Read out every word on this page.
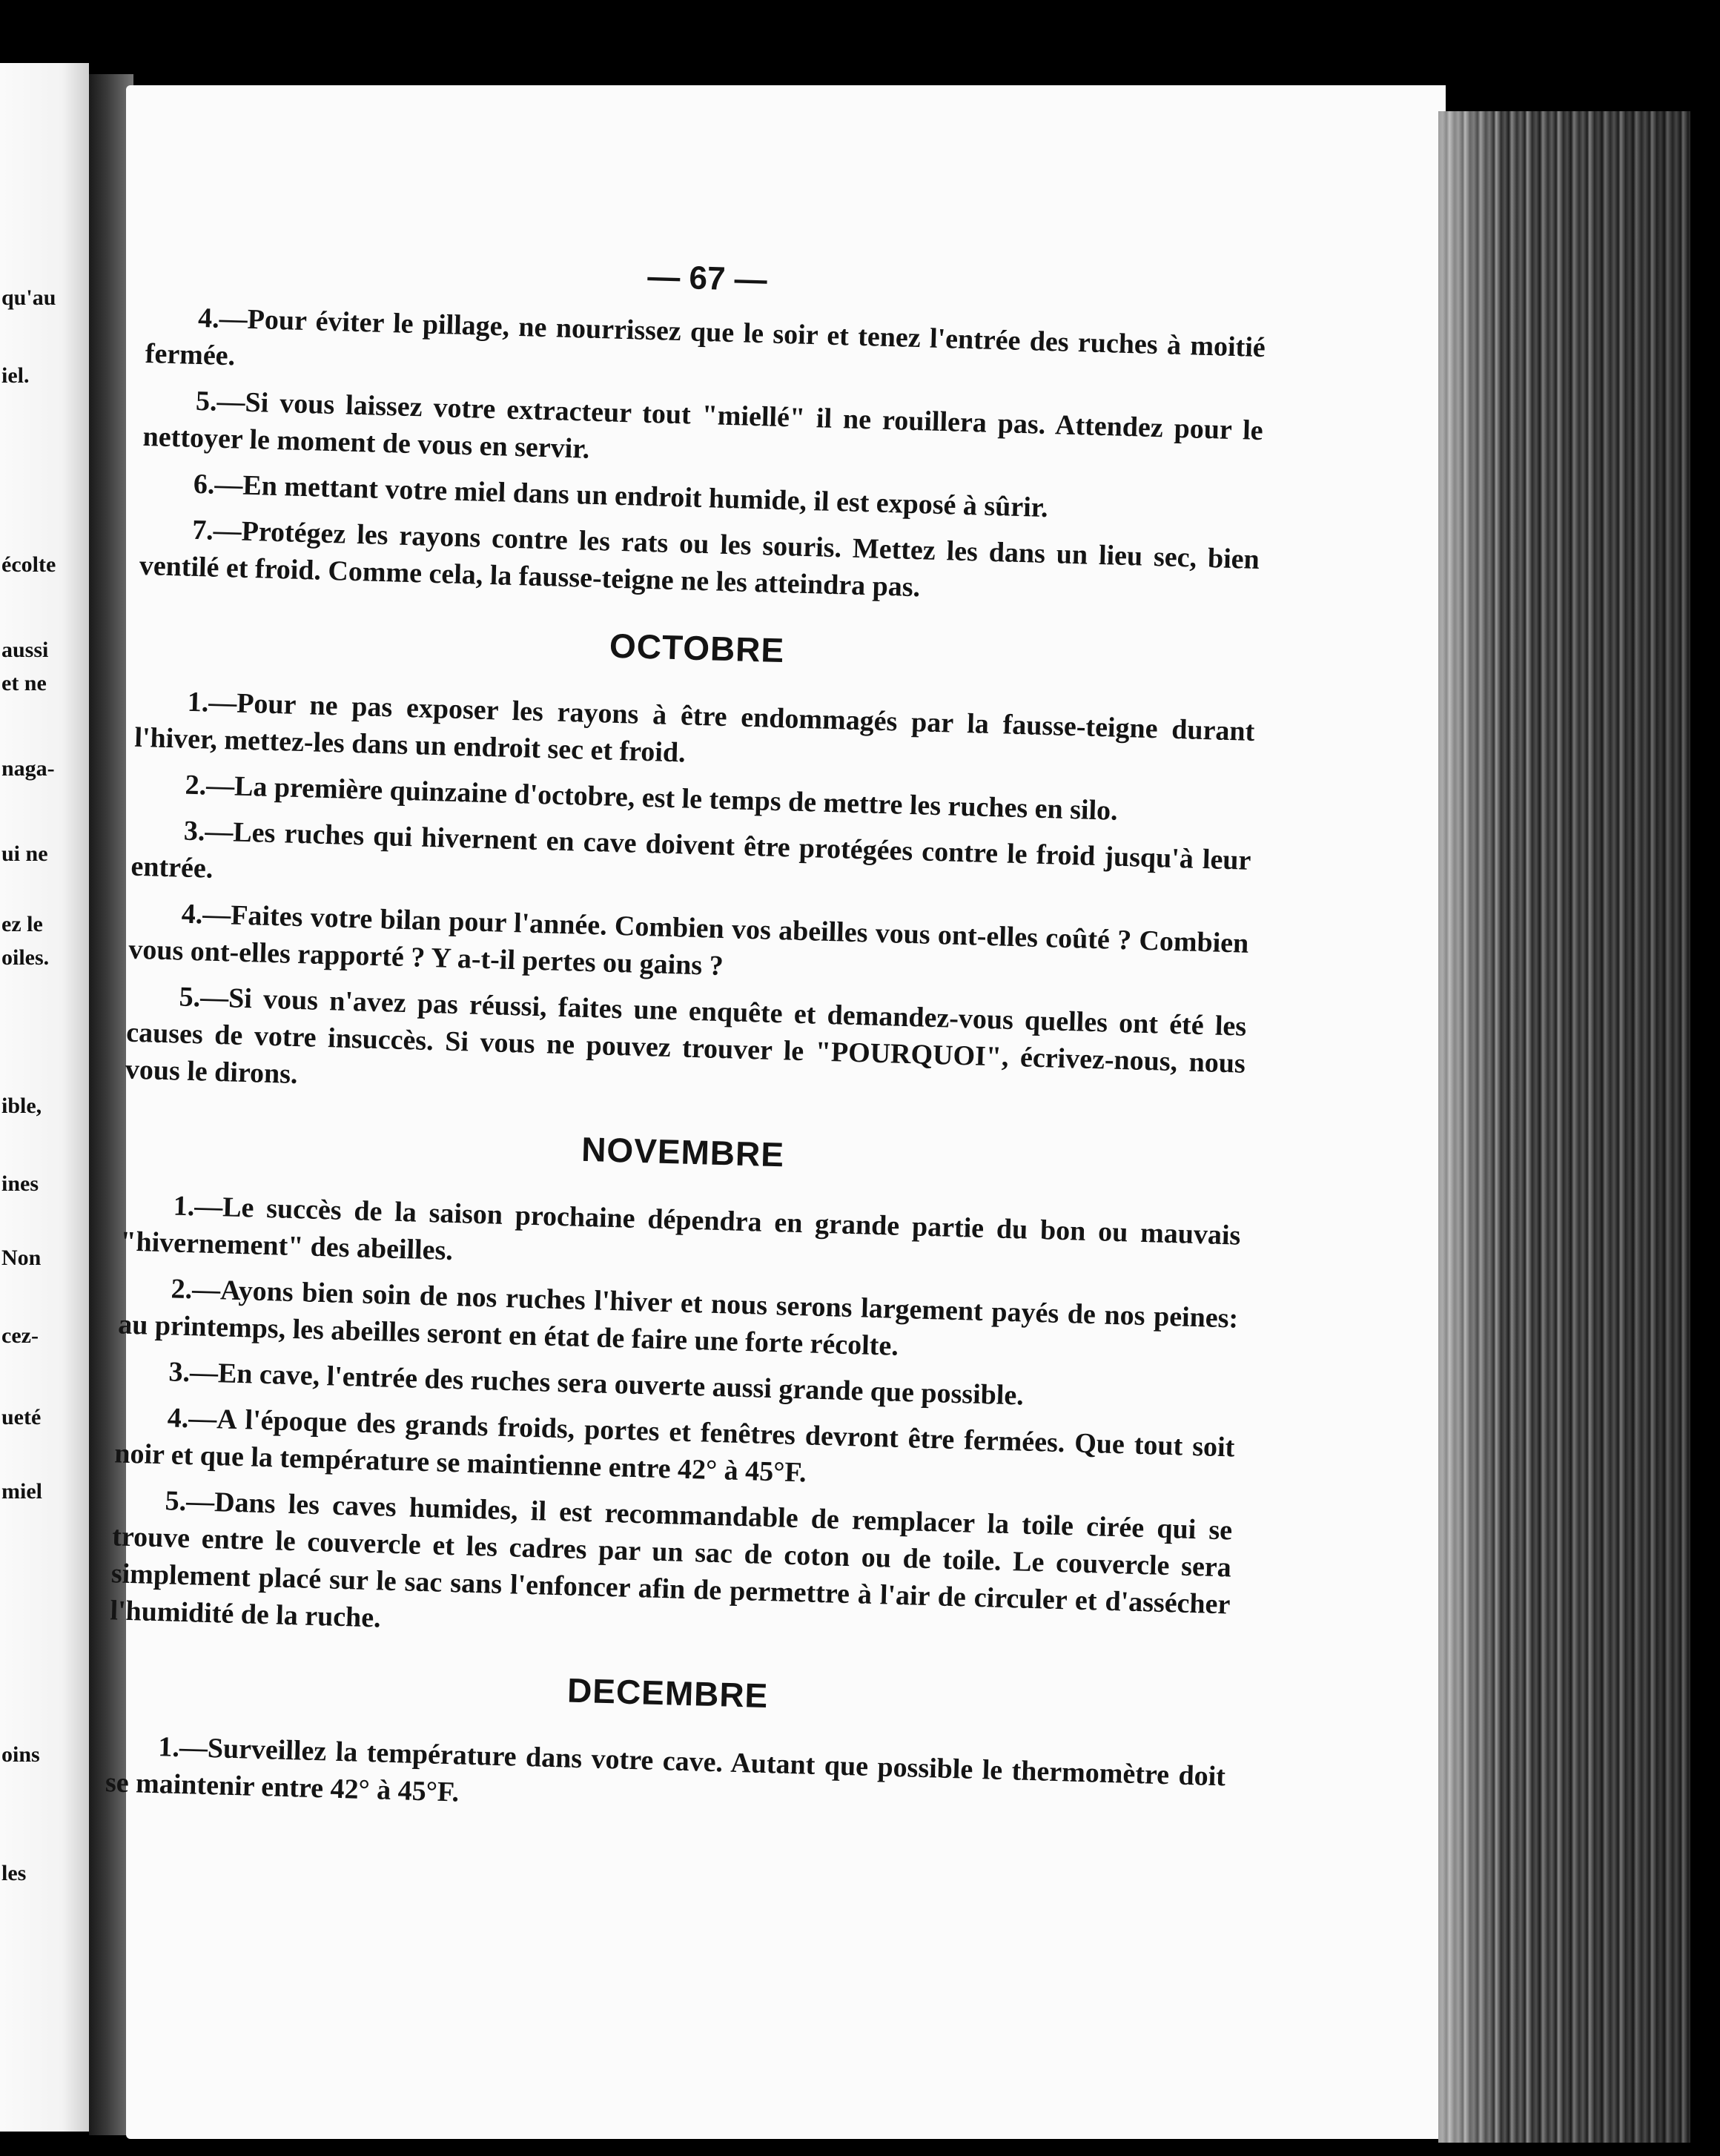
qu'au
iel.
écolte
aussi
et ne
naga-
ui ne
ez le
oiles.
ible,
ines
Non
cez-
ueté
miel
oins
les
— 67 —

4.—Pour éviter le pillage, ne nourrissez que le soir et tenez l'entrée des ruches à moitié fermée.

5.—Si vous laissez votre extracteur tout "miellé" il ne rouillera pas. Attendez pour le nettoyer le moment de vous en servir.

6.—En mettant votre miel dans un endroit humide, il est exposé à sûrir.

7.—Protégez les rayons contre les rats ou les souris. Mettez les dans un lieu sec, bien ventilé et froid. Comme cela, la fausse-teigne ne les atteindra pas.

OCTOBRE

1.—Pour ne pas exposer les rayons à être endommagés par la fausse-teigne durant l'hiver, mettez-les dans un endroit sec et froid.

2.—La première quinzaine d'octobre, est le temps de mettre les ruches en silo.

3.—Les ruches qui hivernent en cave doivent être protégées contre le froid jusqu'à leur entrée.

4.—Faites votre bilan pour l'année. Combien vos abeilles vous ont-elles coûté ? Combien vous ont-elles rapporté ? Y a-t-il pertes ou gains ?

5.—Si vous n'avez pas réussi, faites une enquête et demandez-vous quelles ont été les causes de votre insuccès. Si vous ne pouvez trouver le "POURQUOI", écrivez-nous, nous vous le dirons.

NOVEMBRE

1.—Le succès de la saison prochaine dépendra en grande partie du bon ou mauvais "hivernement" des abeilles.

2.—Ayons bien soin de nos ruches l'hiver et nous serons largement payés de nos peines: au printemps, les abeilles seront en état de faire une forte récolte.

3.—En cave, l'entrée des ruches sera ouverte aussi grande que possible.

4.—A l'époque des grands froids, portes et fenêtres devront être fermées. Que tout soit noir et que la température se maintienne entre 42° à 45°F.

5.—Dans les caves humides, il est recommandable de remplacer la toile cirée qui se trouve entre le couvercle et les cadres par un sac de coton ou de toile. Le couvercle sera simplement placé sur le sac sans l'enfoncer afin de permettre à l'air de circuler et d'assécher l'humidité de la ruche.

DECEMBRE

1.—Surveillez la température dans votre cave. Autant que possible le thermomètre doit se maintenir entre 42° à 45°F.
